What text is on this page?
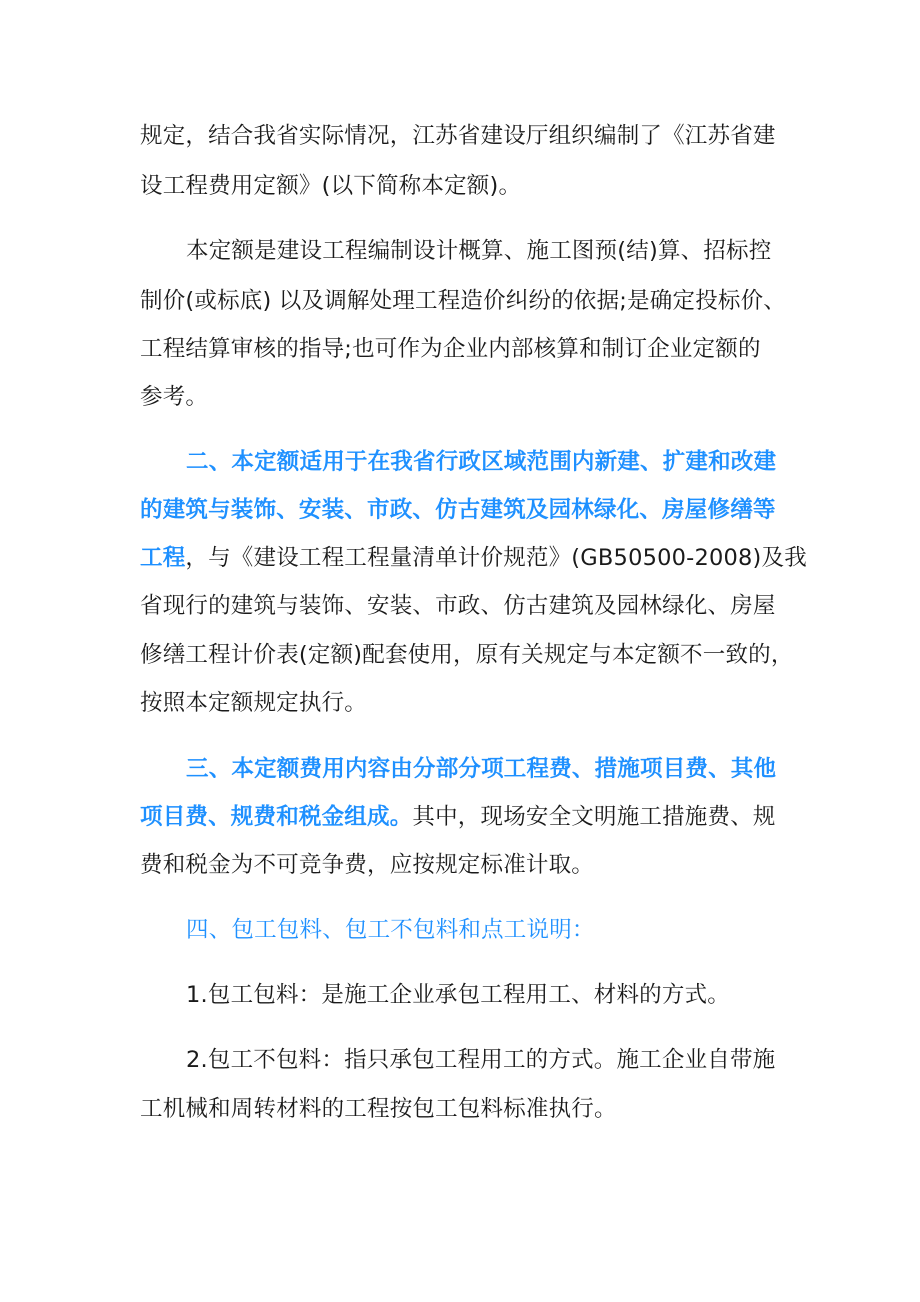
规定，结合我省实际情况，江苏省建设厅组织编制了《江苏省建
设工程费用定额》(以下简称本定额)。
本定额是建设工程编制设计概算、施工图预(结)算、招标控
制价(或标底) 以及调解处理工程造价纠纷的依据;是确定投标价、
工程结算审核的指导;也可作为企业内部核算和制订企业定额的
参考。
二、本定额适用于在我省行政区域范围内新建、扩建和改建
的建筑与装饰、安装、市政、仿古建筑及园林绿化、房屋修缮等
工程，与《建设工程工程量清单计价规范》(GB50500-2008)及我
省现行的建筑与装饰、安装、市政、仿古建筑及园林绿化、房屋
修缮工程计价表(定额)配套使用，原有关规定与本定额不一致的，
按照本定额规定执行。
三、本定额费用内容由分部分项工程费、措施项目费、其他
项目费、规费和税金组成。其中，现场安全文明施工措施费、规
费和税金为不可竞争费，应按规定标准计取。
四、包工包料、包工不包料和点工说明：
1.包工包料：是施工企业承包工程用工、材料的方式。
2.包工不包料：指只承包工程用工的方式。施工企业自带施
工机械和周转材料的工程按包工包料标准执行。
